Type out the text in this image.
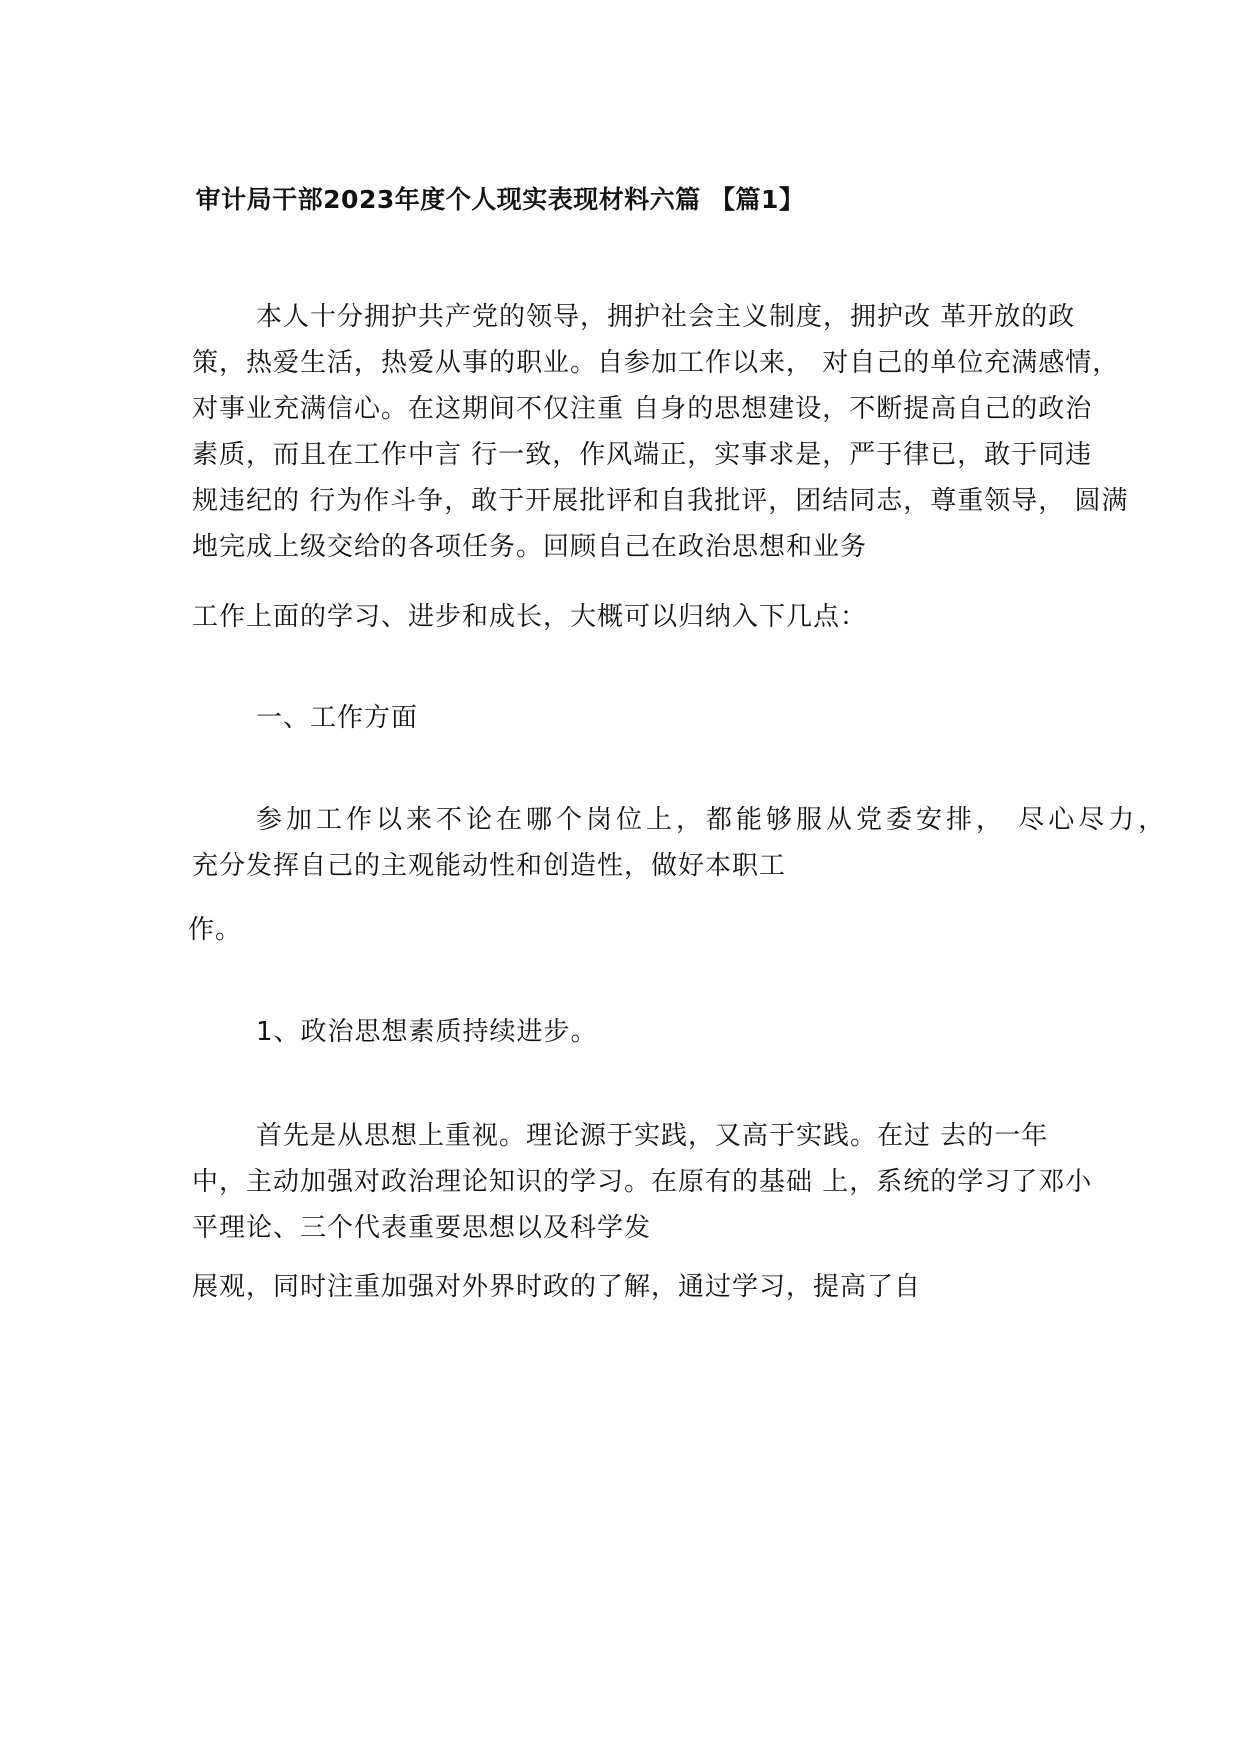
审计局干部2023年度个人现实表现材料六篇 【篇1】
本人十分拥护共产党的领导，拥护社会主义制度，拥护改 革开放的政
策，热爱生活，热爱从事的职业。自参加工作以来， 对自己的单位充满感情，
对事业充满信心。在这期间不仅注重 自身的思想建设，不断提高自己的政治
素质，而且在工作中言 行一致，作风端正，实事求是，严于律已，敢于同违
规违纪的 行为作斗争，敢于开展批评和自我批评，团结同志，尊重领导， 圆满
地完成上级交给的各项任务。回顾自己在政治思想和业务
工作上面的学习、进步和成长，大概可以归纳入下几点：
一、工作方面
参加工作以来不论在哪个岗位上，都能够服从党委安排， 尽心尽力，
充分发挥自己的主观能动性和创造性，做好本职工
作。
1、政治思想素质持续进步。
首先是从思想上重视。理论源于实践，又高于实践。在过 去的一年
中，主动加强对政治理论知识的学习。在原有的基础 上，系统的学习了邓小
平理论、三个代表重要思想以及科学发
展观，同时注重加强对外界时政的了解，通过学习，提高了自
